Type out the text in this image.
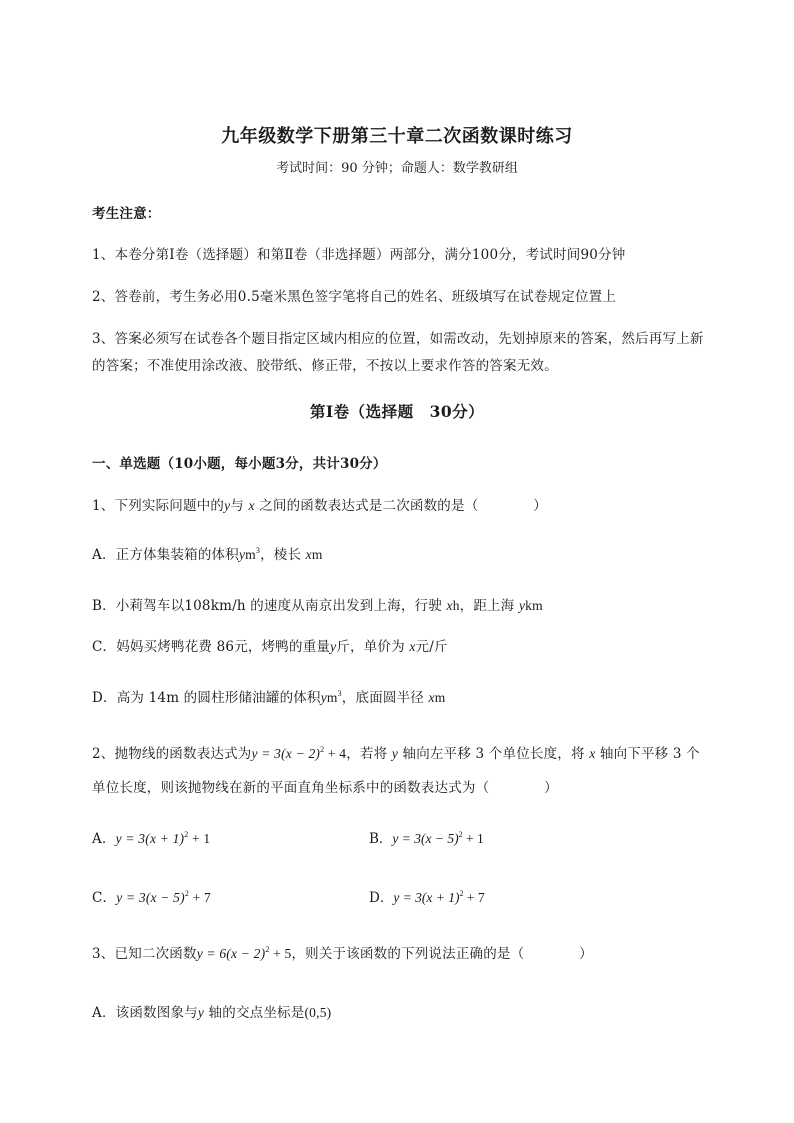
九年级数学下册第三十章二次函数课时练习
考试时间：90 分钟；命题人：数学教研组
考生注意：
1、本卷分第Ⅰ卷（选择题）和第Ⅱ卷（非选择题）两部分，满分100分，考试时间90分钟
2、答卷前，考生务必用0.5毫米黑色签字笔将自己的姓名、班级填写在试卷规定位置上
3、答案必须写在试卷各个题目指定区域内相应的位置，如需改动，先划掉原来的答案，然后再写上新
的答案；不准使用涂改液、胶带纸、修正带，不按以上要求作答的答案无效。
第Ⅰ卷（选择题　30分）
一、单选题（10小题，每小题3分，共计30分）
1、下列实际问题中的y与 x 之间的函数表达式是二次函数的是（　　　　）
A．正方体集装箱的体积$ym^3$，棱长 xm
B．小莉驾车以108km/h 的速度从南京出发到上海，行驶 xh，距上海 ykm
C．妈妈买烤鸭花费 86元，烤鸭的重量y斤，单价为 x元/斤
D．高为 14m 的圆柱形储油罐的体积$ym^3$，底面圆半径 xm
2、抛物线的函数表达式为$y = 3(x - 2)^2 + 4$，若将 y 轴向左平移 3 个单位长度，将 x 轴向下平移 3 个
单位长度，则该抛物线在新的平面直角坐标系中的函数表达式为（　　　　）
A．$y = 3(x + 1)^2 + 1$	B．$y = 3(x - 5)^2 + 1$
C．$y = 3(x - 5)^2 + 7$	D．$y = 3(x + 1)^2 + 7$
3、已知二次函数$y = 6(x - 2)^2 + 5$，则关于该函数的下列说法正确的是（　　　　）
A．该函数图象与y 轴的交点坐标是(0,5)
